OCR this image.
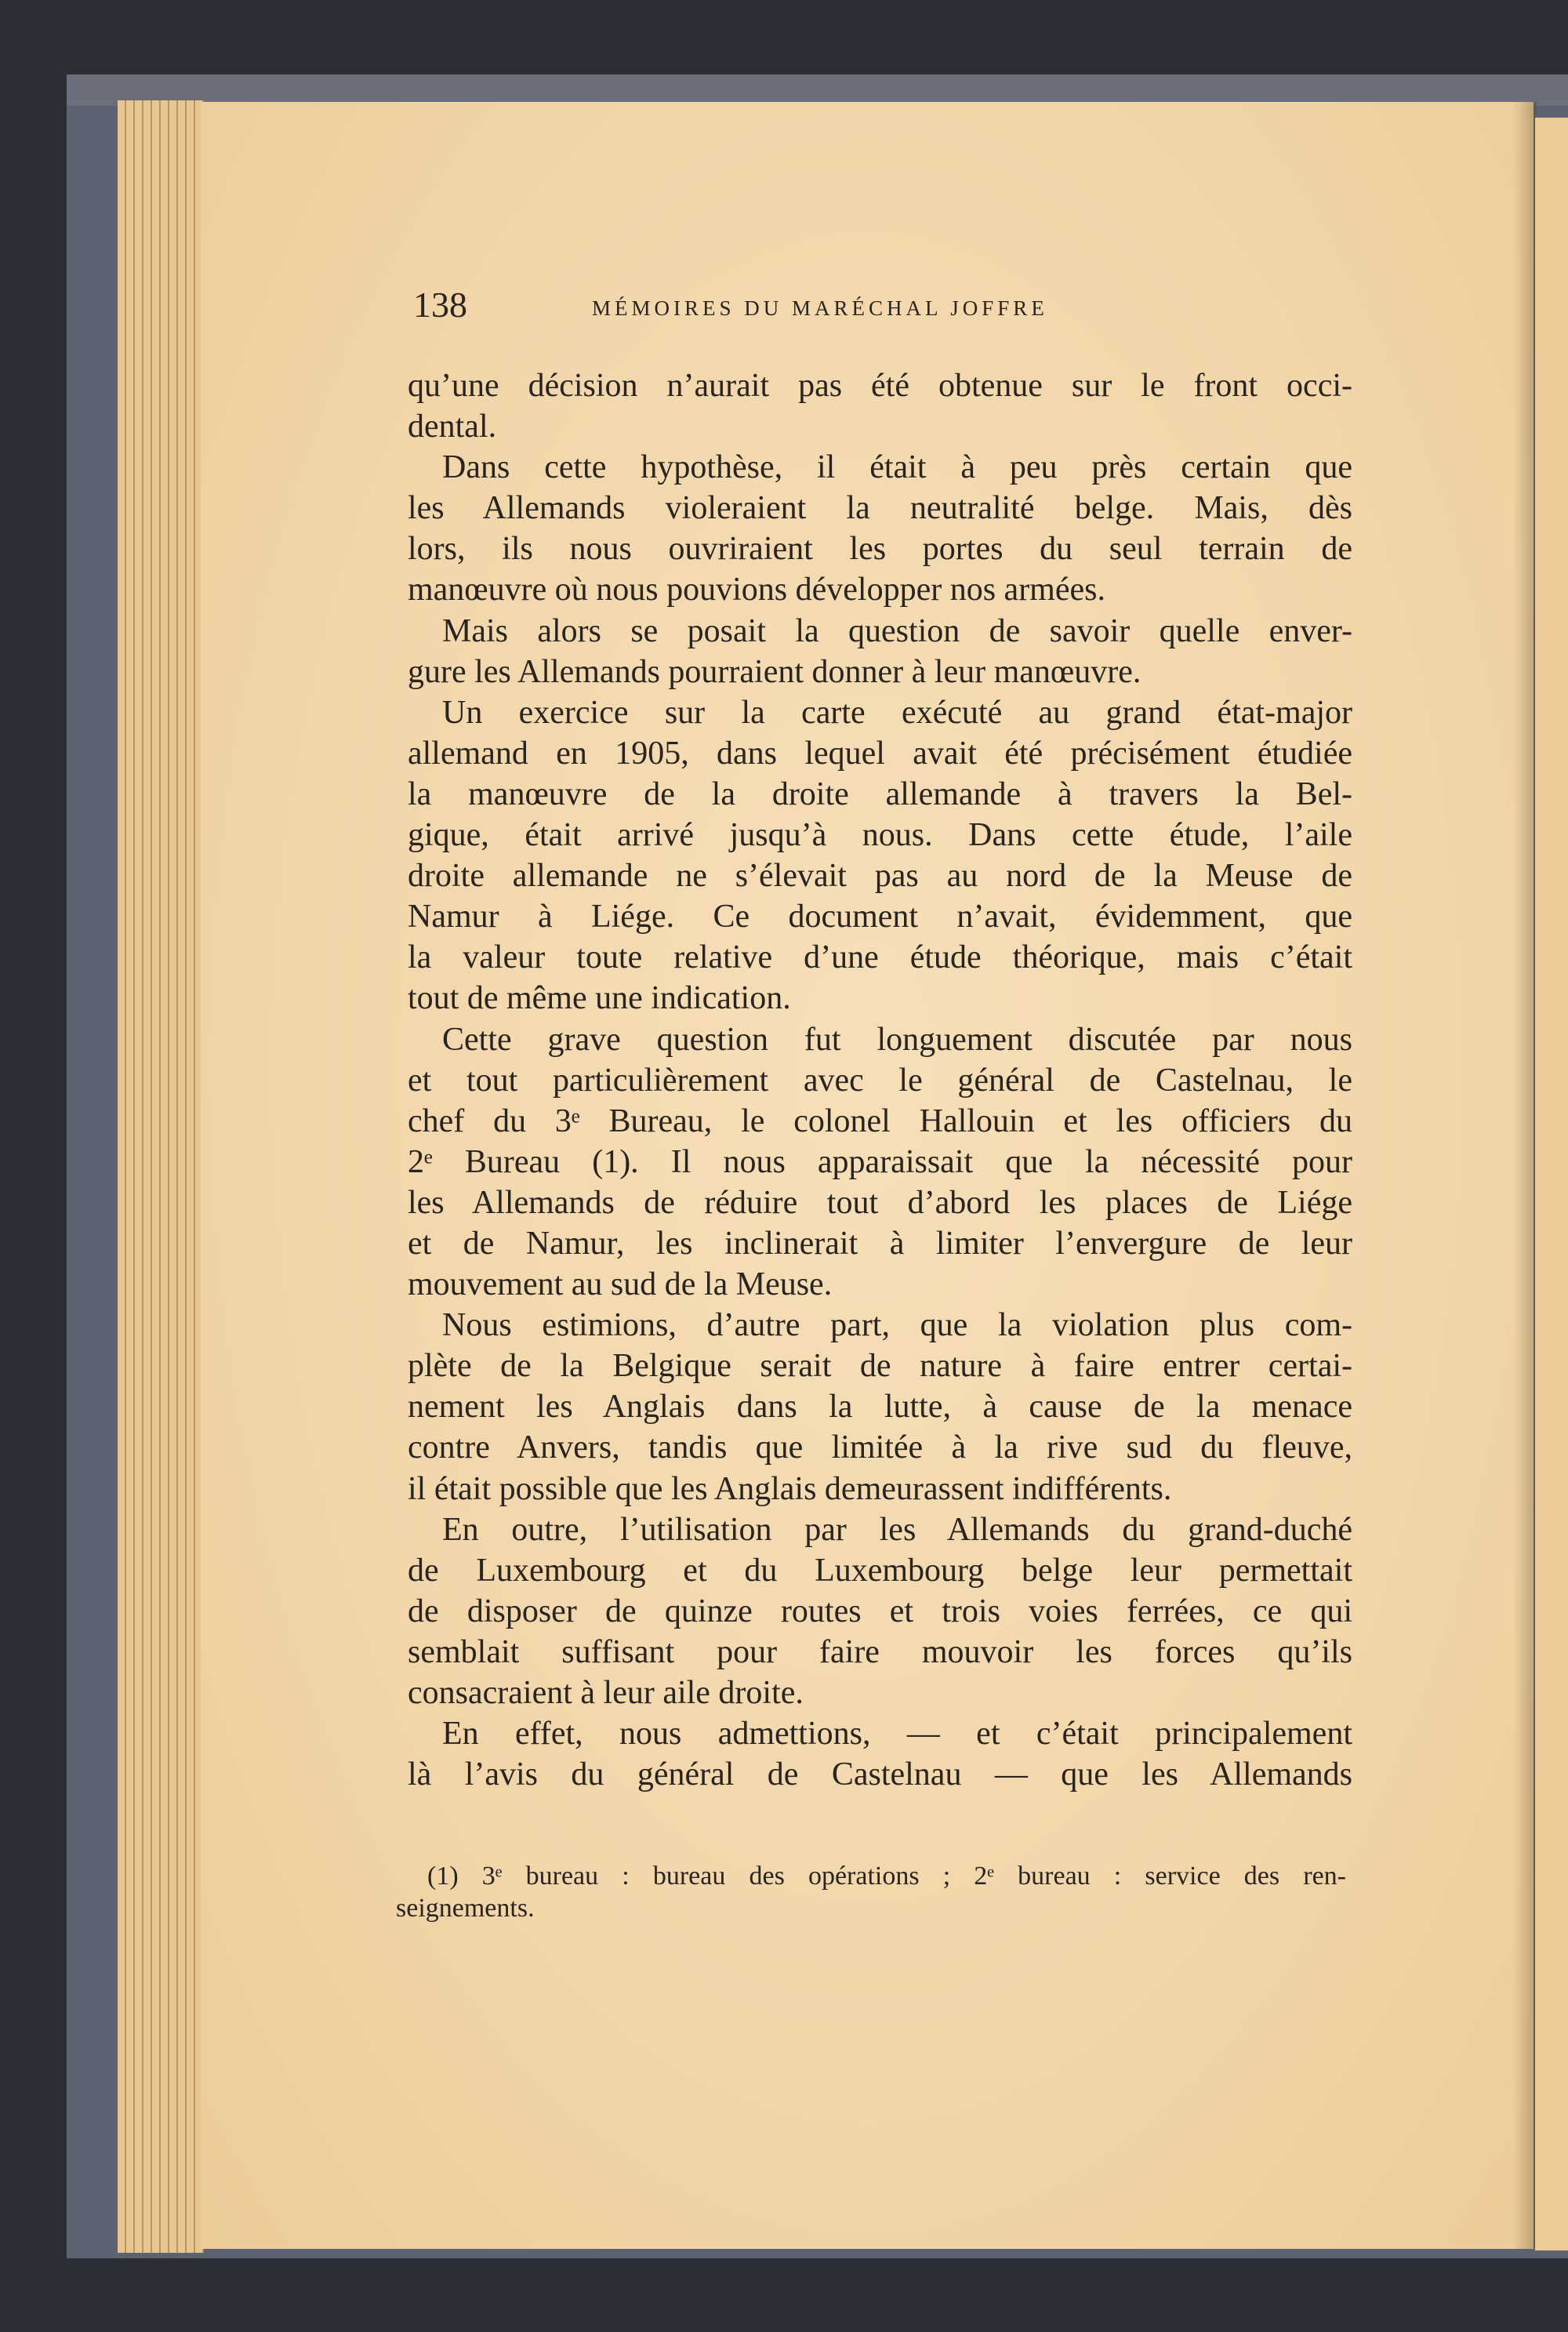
138	MÉMOIRES DU MARÉCHAL JOFFRE
qu’une décision n’aurait pas été obtenue sur le front occi-
dental.
Dans cette hypothèse, il était à peu près certain que
les Allemands violeraient la neutralité belge. Mais, dès
lors, ils nous ouvriraient les portes du seul terrain de
manœuvre où nous pouvions développer nos armées.
Mais alors se posait la question de savoir quelle enver-
gure les Allemands pourraient donner à leur manœuvre.
Un exercice sur la carte exécuté au grand état-major
allemand en 1905, dans lequel avait été précisément étudiée
la manœuvre de la droite allemande à travers la Bel-
gique, était arrivé jusqu’à nous. Dans cette étude, l’aile
droite allemande ne s’élevait pas au nord de la Meuse de
Namur à Liége. Ce document n’avait, évidemment, que
la valeur toute relative d’une étude théorique, mais c’était
tout de même une indication.
Cette grave question fut longuement discutée par nous
et tout particulièrement avec le général de Castelnau, le
chef du 3ᵉ Bureau, le colonel Hallouin et les officiers du
2ᵉ Bureau (1). Il nous apparaissait que la nécessité pour
les Allemands de réduire tout d’abord les places de Liége
et de Namur, les inclinerait à limiter l’envergure de leur
mouvement au sud de la Meuse.
Nous estimions, d’autre part, que la violation plus com-
plète de la Belgique serait de nature à faire entrer certai-
nement les Anglais dans la lutte, à cause de la menace
contre Anvers, tandis que limitée à la rive sud du fleuve,
il était possible que les Anglais demeurassent indifférents.
En outre, l’utilisation par les Allemands du grand-duché
de Luxembourg et du Luxembourg belge leur permettait
de disposer de quinze routes et trois voies ferrées, ce qui
semblait suffisant pour faire mouvoir les forces qu’ils
consacraient à leur aile droite.
En effet, nous admettions, — et c’était principalement
là l’avis du général de Castelnau — que les Allemands
(1) 3ᵉ bureau : bureau des opérations ; 2ᵉ bureau : service des ren-
seignements.
